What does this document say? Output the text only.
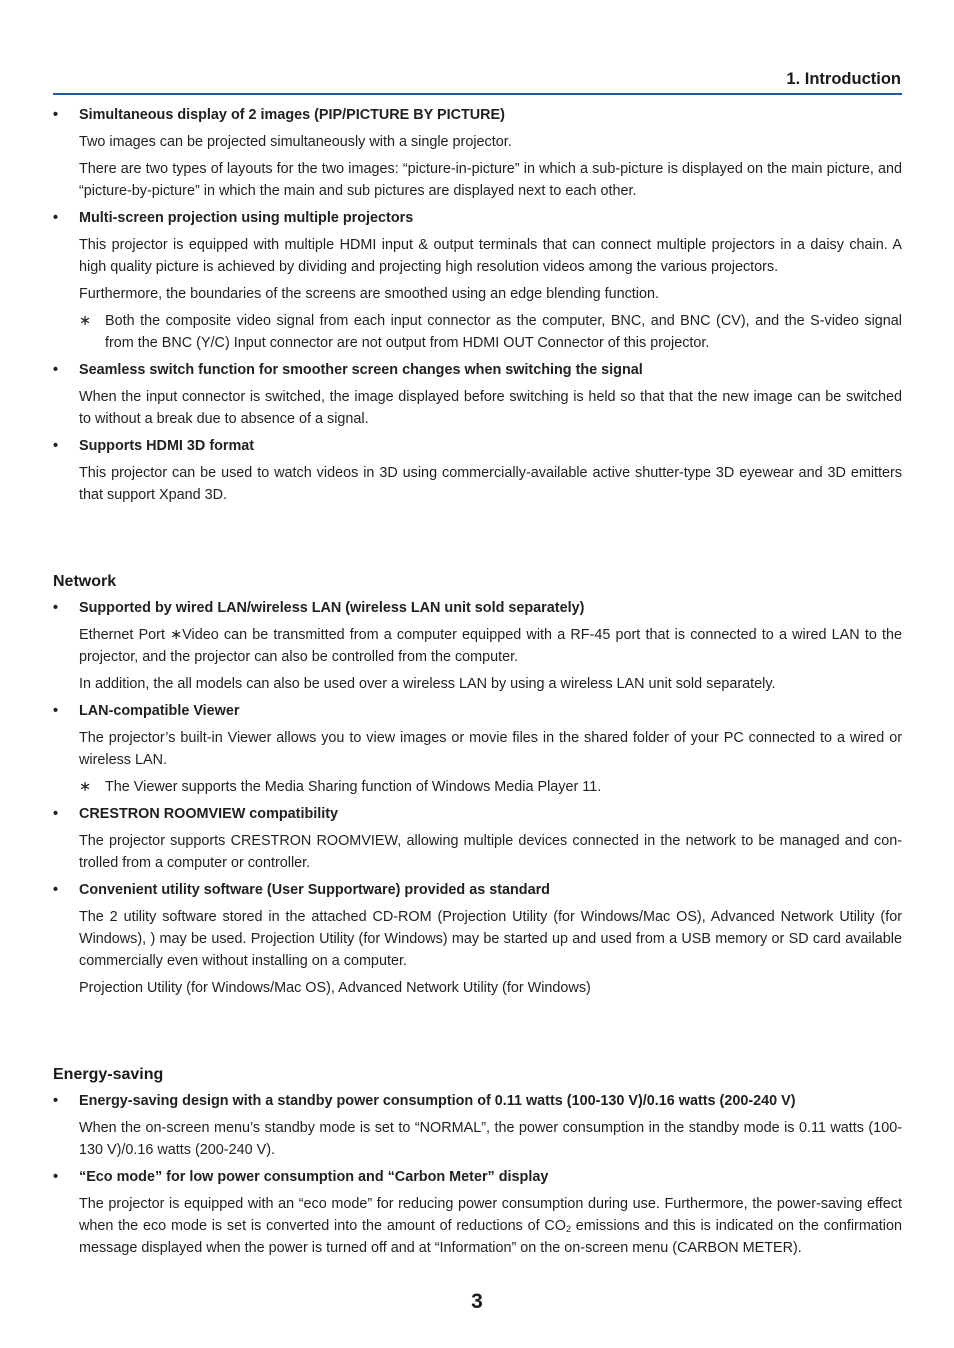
1. Introduction
• Simultaneous display of 2 images (PIP/PICTURE BY PICTURE)

Two images can be projected simultaneously with a single projector.

There are two types of layouts for the two images: “picture-in-picture” in which a sub-picture is displayed on the main picture, and “picture-by-picture” in which the main and sub pictures are displayed next to each other.

• Multi-screen projection using multiple projectors

This projector is equipped with multiple HDMI input & output terminals that can connect multiple projectors in a daisy chain. A high quality picture is achieved by dividing and projecting high resolution videos among the various projectors.

Furthermore, the boundaries of the screens are smoothed using an edge blending function.

∗ Both the composite video signal from each input connector as the computer, BNC, and BNC (CV), and the S-video signal from the BNC (Y/C) Input connector are not output from HDMI OUT Connector of this projector.

• Seamless switch function for smoother screen changes when switching the signal

When the input connector is switched, the image displayed before switching is held so that that the new image can be switched to without a break due to absence of a signal.

• Supports HDMI 3D format

This projector can be used to watch videos in 3D using commercially-available active shutter-type 3D eyewear and 3D emitters that support Xpand 3D.

Network
• Supported by wired LAN/wireless LAN (wireless LAN unit sold separately)

Ethernet Port ∗Video can be transmitted from a computer equipped with a RF-45 port that is connected to a wired LAN to the projector, and the projector can also be controlled from the computer.

In addition, the all models can also be used over a wireless LAN by using a wireless LAN unit sold separately.

• LAN-compatible Viewer

The projector’s built-in Viewer allows you to view images or movie files in the shared folder of your PC connected to a wired or wireless LAN.

∗ The Viewer supports the Media Sharing function of Windows Media Player 11.

• CRESTRON ROOMVIEW compatibility

The projector supports CRESTRON ROOMVIEW, allowing multiple devices connected in the network to be managed and con-trolled from a computer or controller.

• Convenient utility software (User Supportware) provided as standard

The 2 utility software stored in the attached CD-ROM (Projection Utility (for Windows/Mac OS), Advanced Network Utility (for Windows), ) may be used. Projection Utility (for Windows) may be started up and used from a USB memory or SD card available commercially even without installing on a computer.

Projection Utility (for Windows/Mac OS), Advanced Network Utility (for Windows)

Energy-saving
• Energy-saving design with a standby power consumption of 0.11 watts (100-130 V)/0.16 watts (200-240 V)

When the on-screen menu’s standby mode is set to “NORMAL”, the power consumption in the standby mode is 0.11 watts (100-130 V)/0.16 watts (200-240 V).

• “Eco mode” for low power consumption and “Carbon Meter” display

The projector is equipped with an “eco mode” for reducing power consumption during use. Furthermore, the power-saving effect when the eco mode is set is converted into the amount of reductions of $CO_2$ emissions and this is indicated on the confirmation message displayed when the power is turned off and at “Information” on the on-screen menu (CARBON METER).

3
